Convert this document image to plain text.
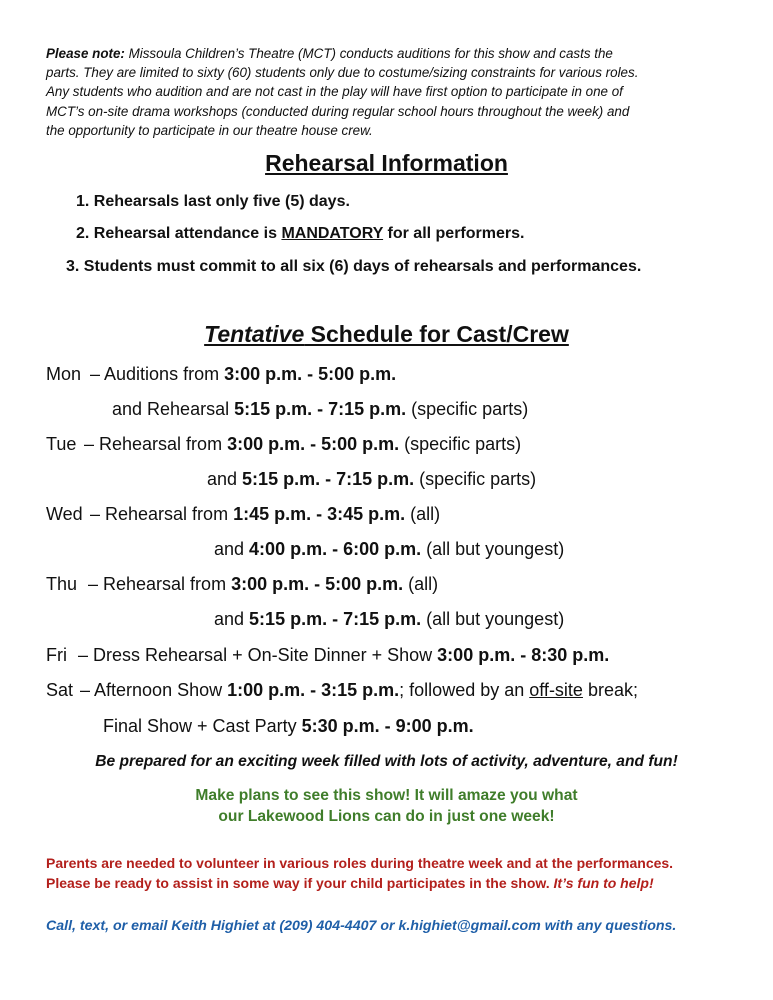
Please note: Missoula Children’s Theatre (MCT) conducts auditions for this show and casts the
parts. They are limited to sixty (60) students only due to costume/sizing constraints for various roles.
Any students who audition and are not cast in the play will have first option to participate in one of
MCT’s on-site drama workshops (conducted during regular school hours throughout the week) and
the opportunity to participate in our theatre house crew.
Rehearsal Information
1. Rehearsals last only five (5) days.
2. Rehearsal attendance is MANDATORY for all performers.
3. Students must commit to all six (6) days of rehearsals and performances.
Tentative Schedule for Cast/Crew
Mon – Auditions from 3:00 p.m. - 5:00 p.m.
and Rehearsal 5:15 p.m. - 7:15 p.m. (specific parts)
Tue – Rehearsal from 3:00 p.m. - 5:00 p.m. (specific parts)
and 5:15 p.m. - 7:15 p.m. (specific parts)
Wed – Rehearsal from 1:45 p.m. - 3:45 p.m. (all)
and 4:00 p.m. - 6:00 p.m. (all but youngest)
Thu – Rehearsal from 3:00 p.m. - 5:00 p.m. (all)
and 5:15 p.m. - 7:15 p.m. (all but youngest)
Fri – Dress Rehearsal + On-Site Dinner + Show 3:00 p.m. - 8:30 p.m.
Sat – Afternoon Show 1:00 p.m. - 3:15 p.m.; followed by an off-site break;
Final Show + Cast Party 5:30 p.m. - 9:00 p.m.
Be prepared for an exciting week filled with lots of activity, adventure, and fun!
Make plans to see this show! It will amaze you what
our Lakewood Lions can do in just one week!
Parents are needed to volunteer in various roles during theatre week and at the performances.
Please be ready to assist in some way if your child participates in the show. It’s fun to help!
Call, text, or email Keith Highiet at (209) 404-4407 or k.highiet@gmail.com with any questions.
